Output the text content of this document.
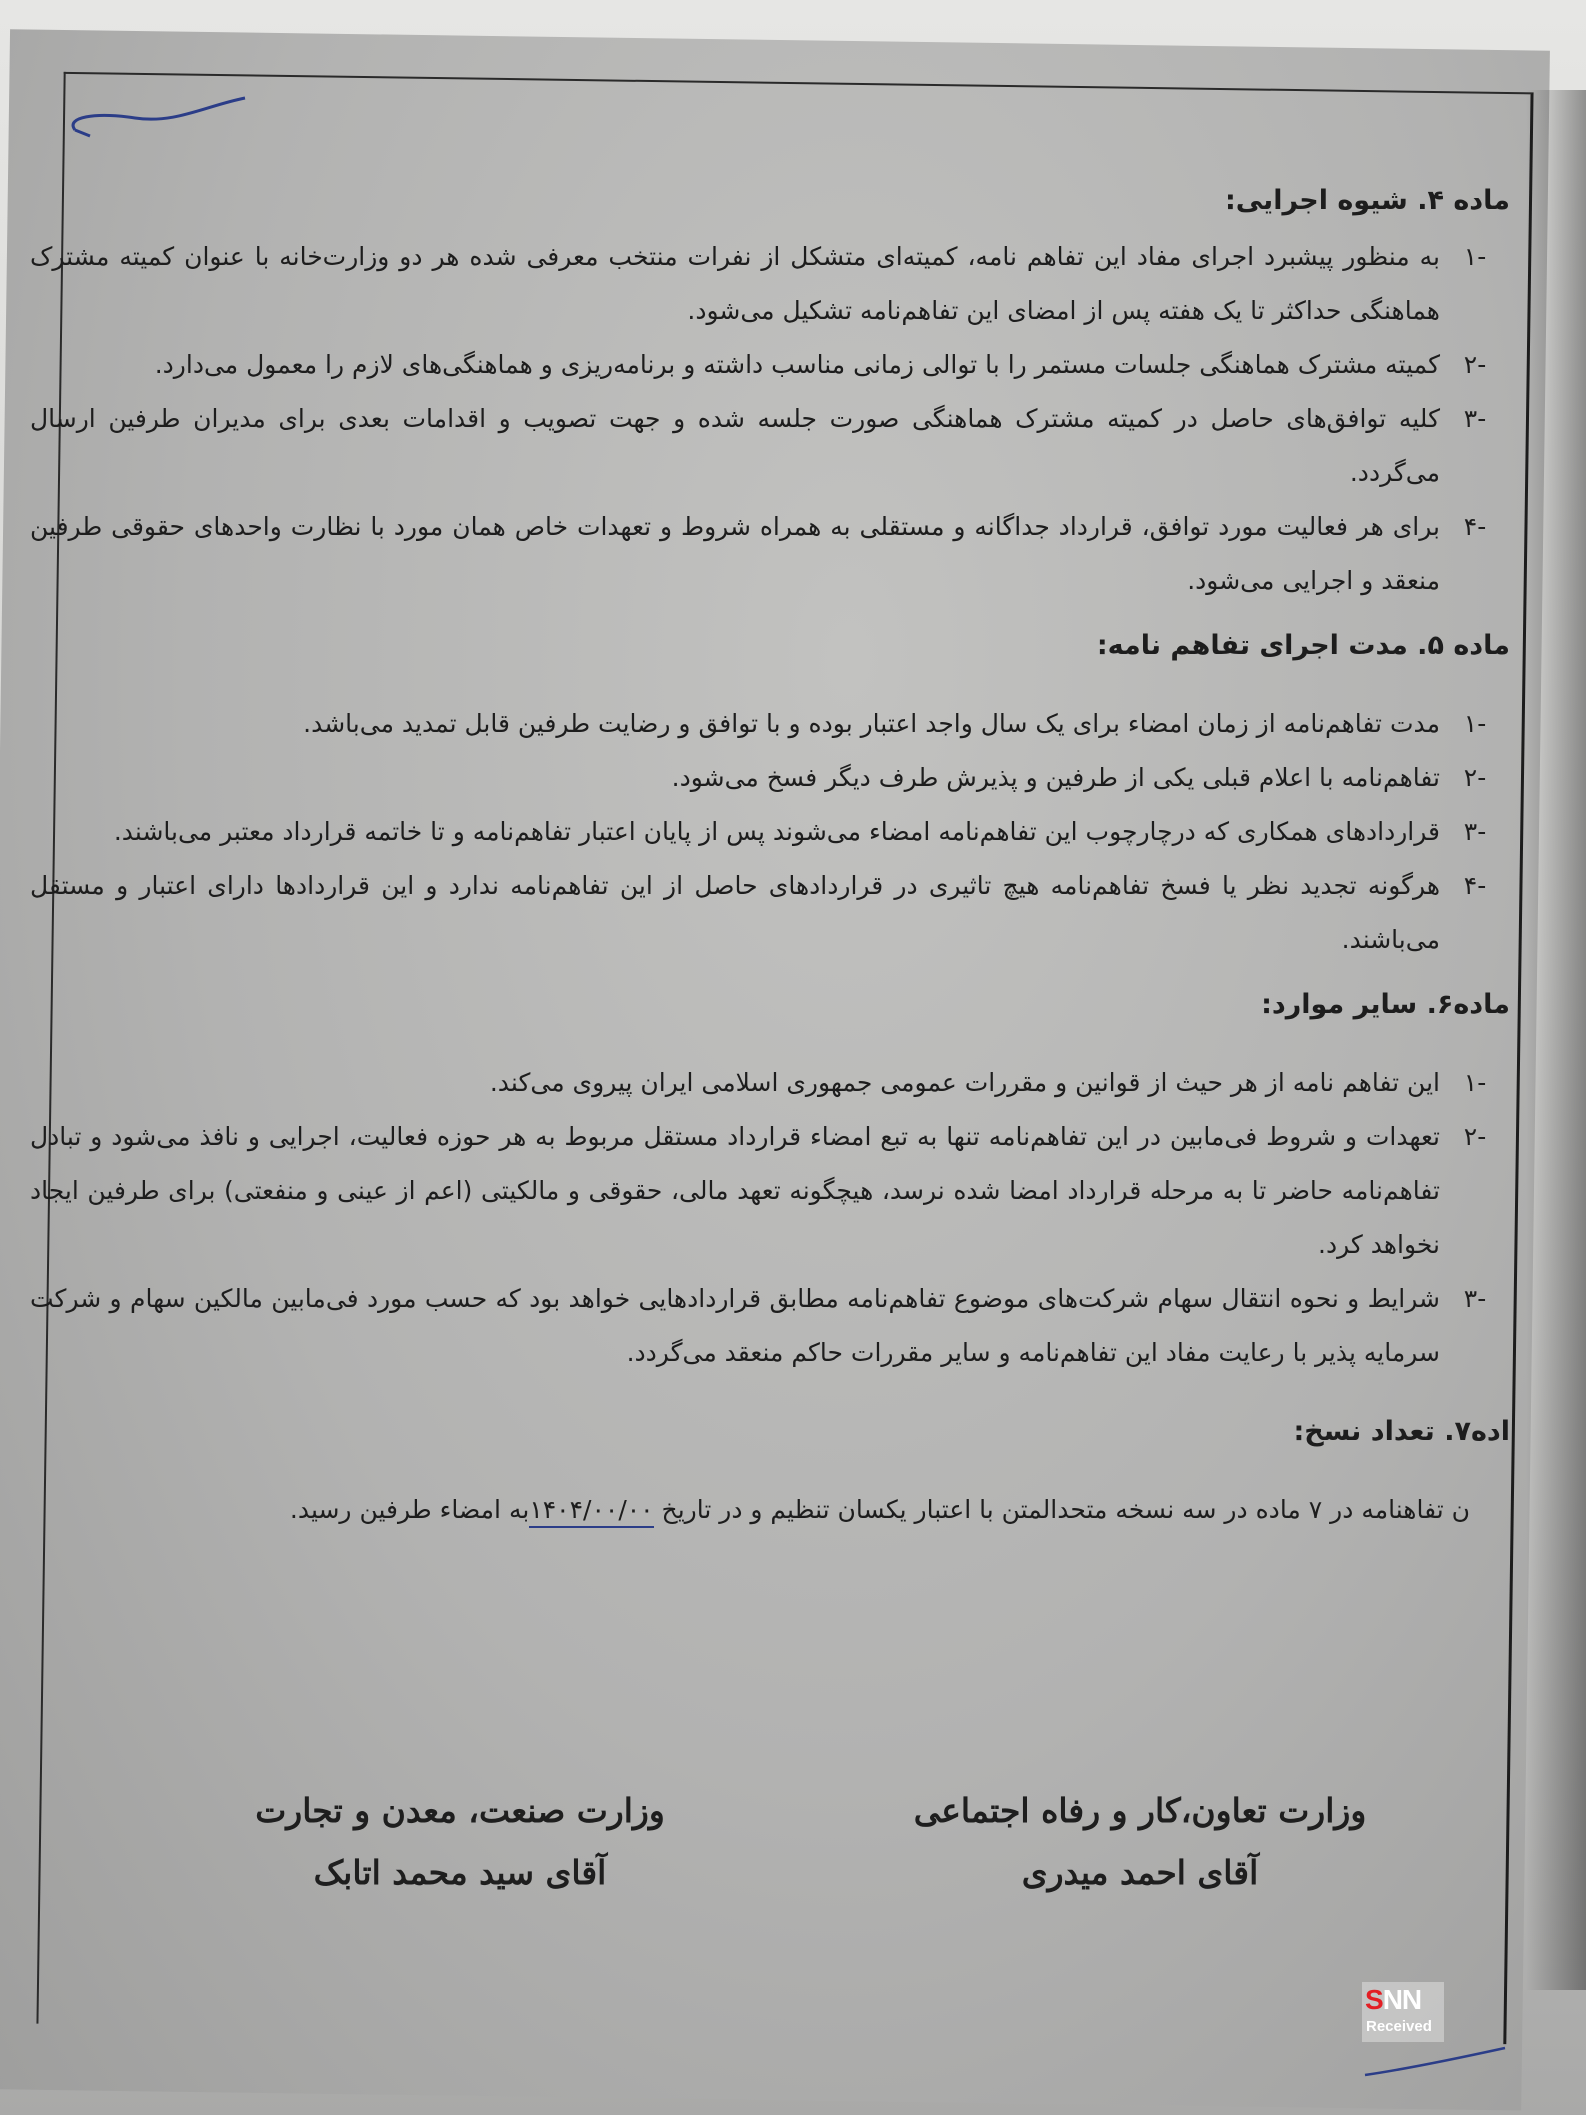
ماده ۴. شیوه اجرایی:
-۱
به منظور پیشبرد اجرای مفاد این تفاهم نامه، کمیته‌ای متشکل از نفرات منتخب معرفی شده هر دو وزارت‌خانه با عنوان کمیته مشترک هماهنگی حداکثر تا یک هفته پس از امضای این تفاهم‌نامه تشکیل می‌شود.
-۲
کمیته مشترک هماهنگی جلسات مستمر را با توالی زمانی مناسب داشته و برنامه‌ریزی و هماهنگی‌های لازم را معمول می‌دارد.
-۳
کلیه توافق‌های حاصل در کمیته مشترک هماهنگی صورت جلسه شده و جهت تصویب و اقدامات بعدی برای مدیران طرفین ارسال می‌گردد.
-۴
برای هر فعالیت مورد توافق، قرارداد جداگانه و مستقلی به همراه شروط و تعهدات خاص همان مورد با نظارت واحدهای حقوقی طرفین منعقد و اجرایی می‌شود.
ماده ۵. مدت اجرای تفاهم نامه:
-۱
مدت تفاهم‌نامه از زمان امضاء برای یک سال واجد اعتبار بوده و با توافق و رضایت طرفین قابل تمدید می‌باشد.
-۲
تفاهم‌نامه با اعلام قبلی یکی از طرفین و پذیرش طرف دیگر فسخ می‌شود.
-۳
قراردادهای همکاری که درچارچوب این تفاهم‌نامه امضاء می‌شوند پس از پایان اعتبار تفاهم‌نامه و تا خاتمه قرارداد معتبر می‌باشند.
-۴
هرگونه تجدید نظر یا فسخ تفاهم‌نامه هیچ تاثیری در قراردادهای حاصل از این تفاهم‌نامه ندارد و این قراردادها دارای اعتبار و مستقل می‌باشند.
ماده۶. سایر موارد:
-۱
این تفاهم نامه از هر حیث از قوانین و مقررات عمومی جمهوری اسلامی ایران پیروی می‌کند.
-۲
تعهدات و شروط فی‌مابین در این تفاهم‌نامه تنها به تبع امضاء قرارداد مستقل مربوط به هر حوزه فعالیت، اجرایی و نافذ می‌شود و تبادل تفاهم‌نامه حاضر تا به مرحله قرارداد امضا شده نرسد، هیچگونه تعهد مالی، حقوقی و مالکیتی (اعم از عینی و منفعتی) برای طرفین ایجاد نخواهد کرد.
-۳
شرایط و نحوه انتقال سهام شرکت‌های موضوع تفاهم‌نامه مطابق قراردادهایی خواهد بود که حسب مورد فی‌مابین مالکین سهام و شرکت سرمایه پذیر با رعایت مفاد این تفاهم‌نامه و سایر مقررات حاکم منعقد می‌گردد.
اده۷. تعداد نسخ:
ن تفاهنامه در ۷ ماده در سه نسخه متحدالمتن با اعتبار یکسان تنظیم و در تاریخ ۱۴۰۴/۰۰/۰۰به امضاء طرفین رسید.
وزارت تعاون،کار و رفاه اجتماعی
آقای احمد میدری
وزارت صنعت، معدن و تجارت
آقای سید محمد اتابک
SNN
Received
